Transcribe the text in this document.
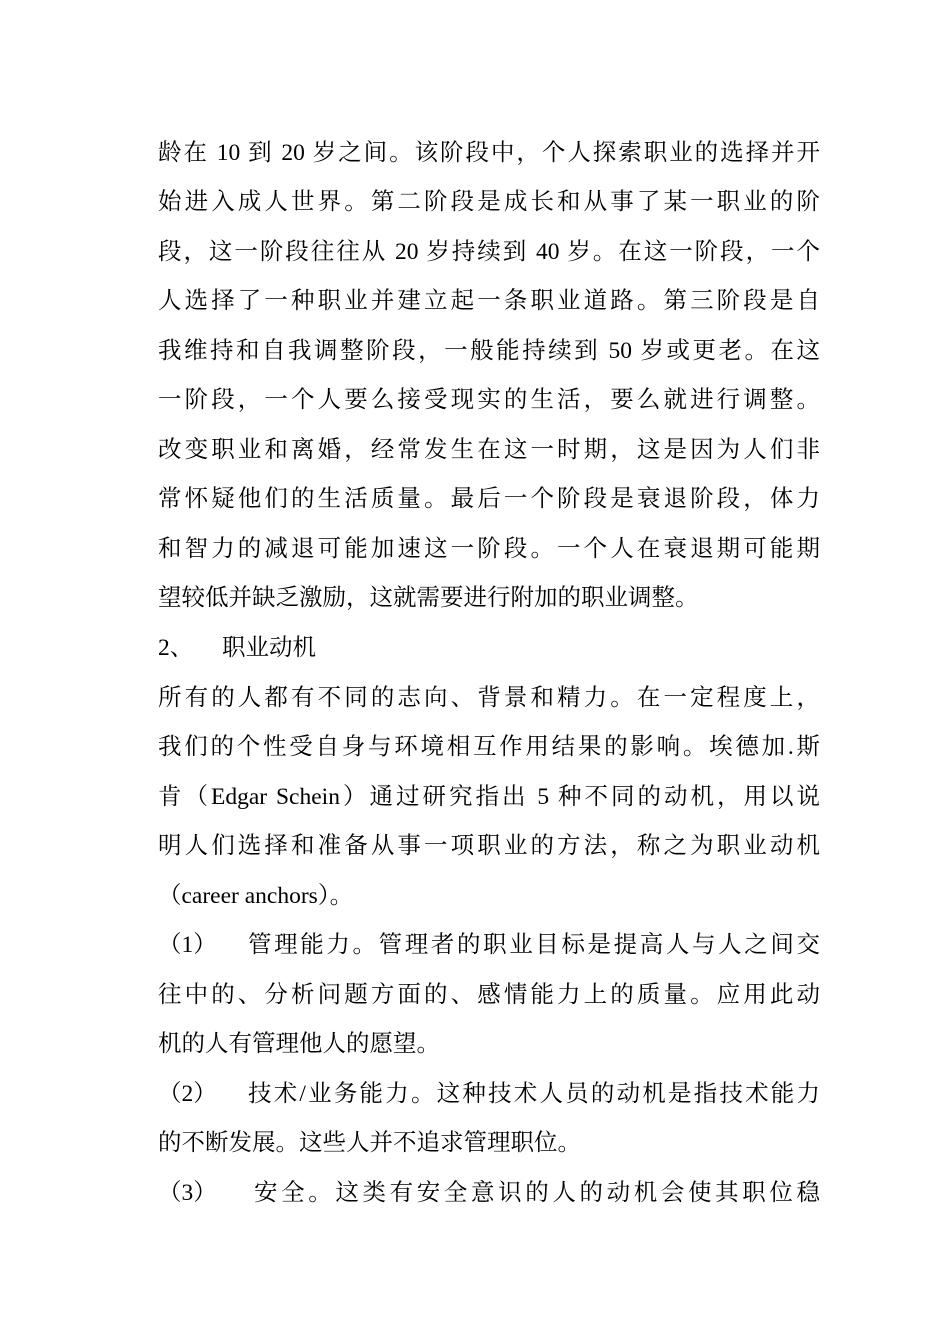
龄在 10 到 20 岁之间。该阶段中，个人探索职业的选择并开
始进入成人世界。第二阶段是成长和从事了某一职业的阶
段，这一阶段往往从 20 岁持续到 40 岁。在这一阶段，一个
人选择了一种职业并建立起一条职业道路。第三阶段是自
我维持和自我调整阶段，一般能持续到 50 岁或更老。在这
一阶段，一个人要么接受现实的生活，要么就进行调整。
改变职业和离婚，经常发生在这一时期，这是因为人们非
常怀疑他们的生活质量。最后一个阶段是衰退阶段，体力
和智力的减退可能加速这一阶段。一个人在衰退期可能期
望较低并缺乏激励，这就需要进行附加的职业调整。
2、 职业动机
所有的人都有不同的志向、背景和精力。在一定程度上，
我们的个性受自身与环境相互作用结果的影响。埃德加.斯
肯（Edgar Schein）通过研究指出 5 种不同的动机，用以说
明人们选择和准备从事一项职业的方法，称之为职业动机
（career anchors）。
（1）	管理能力。管理者的职业目标是提高人与人之间交
往中的、分析问题方面的、感情能力上的质量。应用此动
机的人有管理他人的愿望。
（2）	技术/业务能力。这种技术人员的动机是指技术能力
的不断发展。这些人并不追求管理职位。
（3）	安全。这类有安全意识的人的动机会使其职位稳
